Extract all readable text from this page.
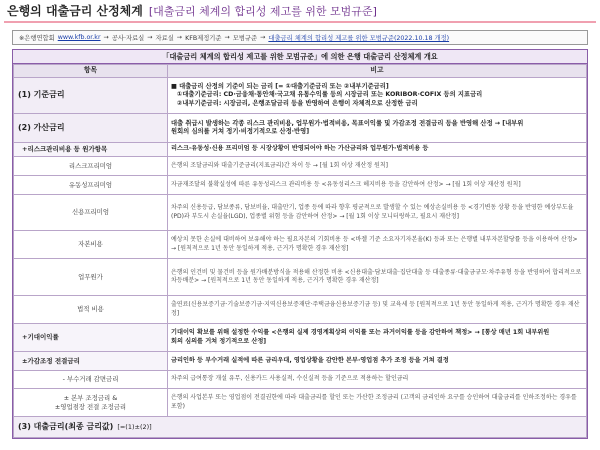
은행의 대출금리 산정체계 [대출금리 체계의 합리성 제고를 위한 모범규준]
※은행연합회 www.kfb.or.kr → 공사·자료실 → 자료실 → KFB제정기준 → 모범규준 → 대출금리 체계의 합리성 제고를 위한 모범규준(2022.10.18 개정)
「대출금리 체계의 합리성 제고를 위한 모범규준」에 의한 은행 대출금리 산정체계 개요
항목	비고
(1) 기준금리	■ 대출금리 산정의 기준이 되는 금리 [= ①대출기준금리 또는 ②내부기준금리]
①대출기준금리: CD·금융채·통안채·국고채 유통수익률 등의 시장금리 또는 KORIBOR·COFIX 등의 지표금리
②내부기준금리: 시장금리, 은행조달금리 등을 반영하여 은행이 자체적으로 산정한 금리

(2) 가산금리	대출 취급시 발생하는 각종 리스크 관리비용, 업무원가·법적비용, 목표이익률 및 가감조정 전결금리 등을 반영해 산정 → [내부위
원회의 심의를 거쳐 정기·비정기적으로 산정·반영]

+리스크관리비용 등 원가항목	리스크·유동성·신용 프리미엄 등 시장상황이 반영되어야 하는 가산금리와 업무원가·법적비용 등
리스크프리미엄	은행의 조달금리와 대출기준금리(지표금리)간 차이 등 → [월 1회 이상 재산정 원칙]
유동성프리미엄	자금재조달의 불확실성에 따른 유동성리스크 관리비용 등 <유동성리스크 헤지비용 등을 감안하여 산정> → [월 1회 이상 재산정 원칙]
신용프리미엄	차주의 신용등급, 담보종류, 담보비율, 대출만기, 업종 등에 따라 향후 평균적으로 발생할 수 있는 예상손실비용 등 <경기변동 상황 등을 반영한 예상부도율(PD)과 부도시 손실율(LGD), 업종별 위험 등을 감안하여 산정> → [월 1회 이상 모니터링하고, 필요시 재산정]
자본비용	예상치 못한 손실에 대비하여 보유해야 하는 필요자본의 기회비용 등 <바젤 기준 소요자기자본율(K) 등과 또는 은행별 내부자본할당률 등을 이용하여 산정> → [원칙적으로 1년 동안 동일하게 적용, 근거가 명확한 경우 재산정]
업무원가	은행의 인건비 및 물건비 등을 원가배분방식을 적용해 산정한 비용 <신용대출·담보대출·집단대출 등 대출종류·대출금규모·차주유형 등을 반영하여 합리적으로 차등배분> → [원칙적으로 1년 동안 동일하게 적용, 근거가 명확한 경우 재산정]
법적 비용	출연료(신용보증기금·기술보증기금·지역신용보증재단·주택금융신용보증기금 등) 및 교육세 등 [원칙적으로 1년 동안 동일하게 적용, 근거가 명확한 경우 재산정]
+기대이익률	기대이익 확보를 위해 설정한 수익률 <은행의 실제 경영계획상의 이익률 또는 과거이익률 등을 감안하여 책정> → [통상 매년 1회 내부위원
회의 심의를 거쳐 정기적으로 산정]

±가감조정 전결금리	금리인하 등 부수거래 실적에 따른 금리우대, 영업상황을 감안한 본부·영업점 추가 조정 등을 거쳐 결정
- 부수거래 감면금리	차주의 급여통장 개설 유무, 신용카드 사용실적, 수신실적 등을 기준으로 적용하는 할인금리
± 본부 조정금리 &
±영업점장 전결 조정금리	은행의 사업본부 또는 영업점이 전결권한에 따라 대출금리를 할인 또는 가산한 조정금리 (고객의 금리인하 요구를 승인하여 대출금리를 인하조정하는 경우를 포함)
(3) 대출금리(최종 금리값) [=(1)±(2)]	
